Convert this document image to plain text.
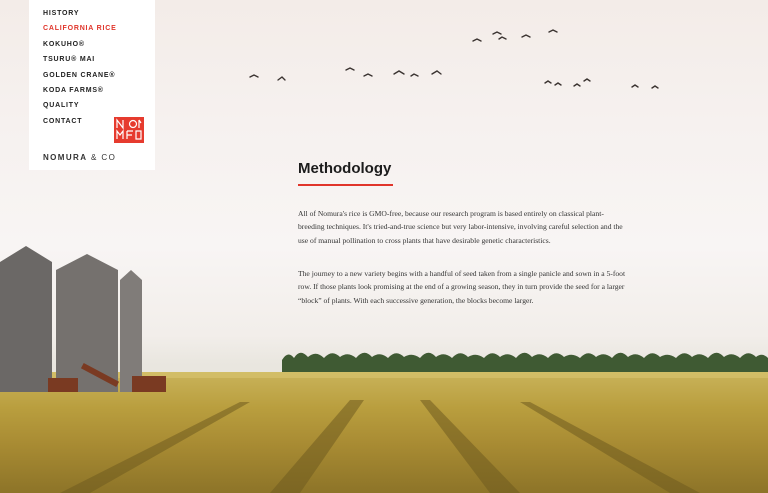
HISTORY
CALIFORNIA RICE
KOKUHO®
TSURU® MAI
GOLDEN CRANE®
KODA FARMS®
QUALITY
CONTACT
NOMURA & CO
Methodology

All of Nomura's rice is GMO-free, because our research program is based entirely on classical plant-breeding techniques. It's tried-and-true science but very labor-intensive, involving careful selection and the use of manual pollination to cross plants that have desirable genetic characteristics.

The journey to a new variety begins with a handful of seed taken from a single panicle and sown in a 5-foot row. If those plants look promising at the end of a growing season, they in turn provide the seed for a larger “block” of plants. With each successive generation, the blocks become larger.
